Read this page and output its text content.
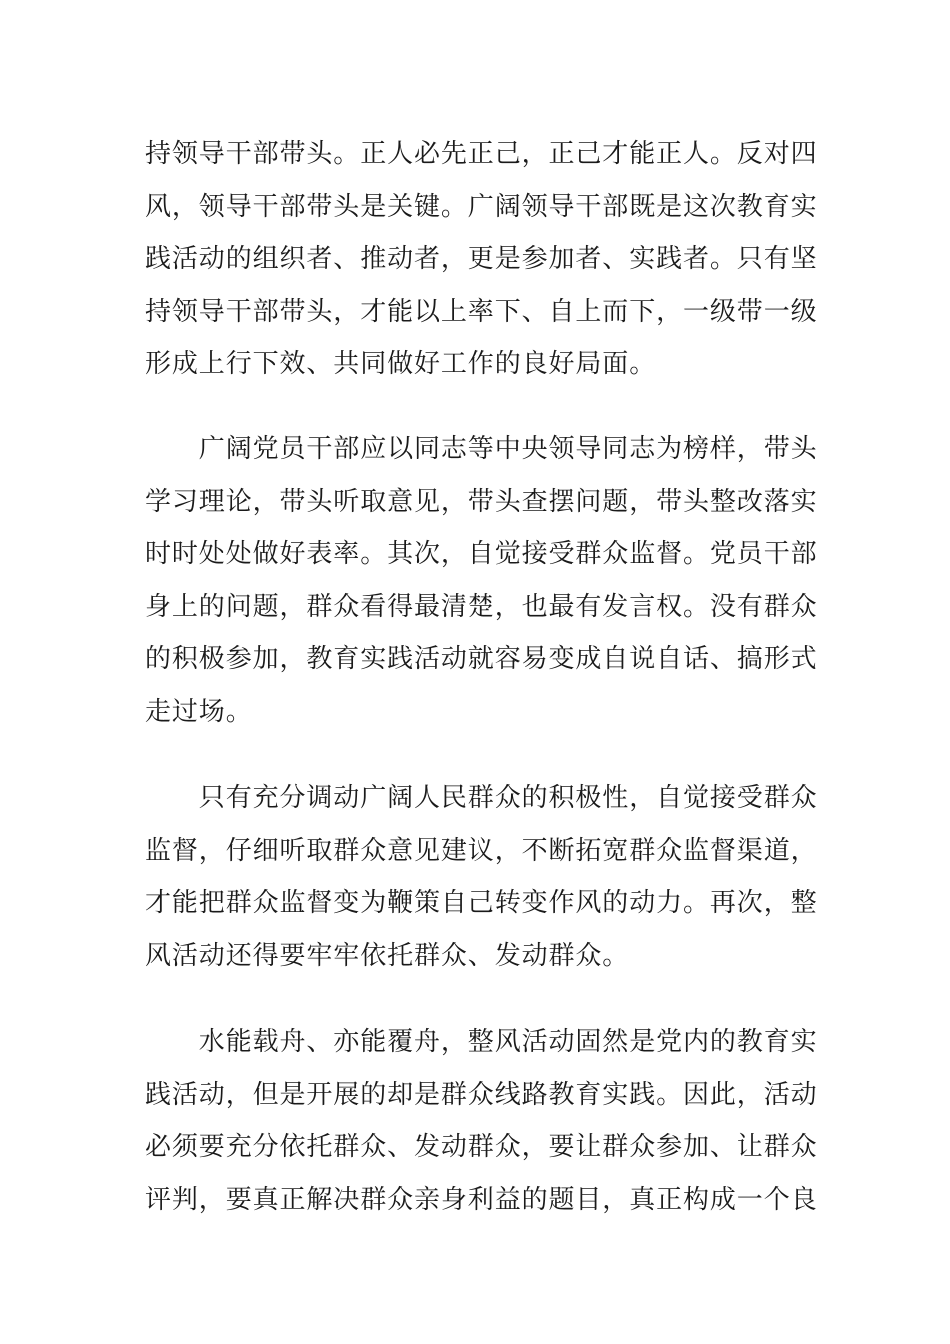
持领导干部带头。正人必先正己，正己才能正人。反对四
风，领导干部带头是关键。广阔领导干部既是这次教育实
践活动的组织者、推动者，更是参加者、实践者。只有坚
持领导干部带头，才能以上率下、自上而下，一级带一级
形成上行下效、共同做好工作的良好局面。
　　广阔党员干部应以同志等中央领导同志为榜样，带头
学习理论，带头听取意见，带头查摆问题，带头整改落实
时时处处做好表率。其次，自觉接受群众监督。党员干部
身上的问题，群众看得最清楚，也最有发言权。没有群众
的积极参加，教育实践活动就容易变成自说自话、搞形式
走过场。
　　只有充分调动广阔人民群众的积极性，自觉接受群众
监督，仔细听取群众意见建议，不断拓宽群众监督渠道，
才能把群众监督变为鞭策自己转变作风的动力。再次，整
风活动还得要牢牢依托群众、发动群众。
　　水能载舟、亦能覆舟，整风活动固然是党内的教育实
践活动，但是开展的却是群众线路教育实践。因此，活动
必须要充分依托群众、发动群众，要让群众参加、让群众
评判，要真正解决群众亲身利益的题目，真正构成一个良
